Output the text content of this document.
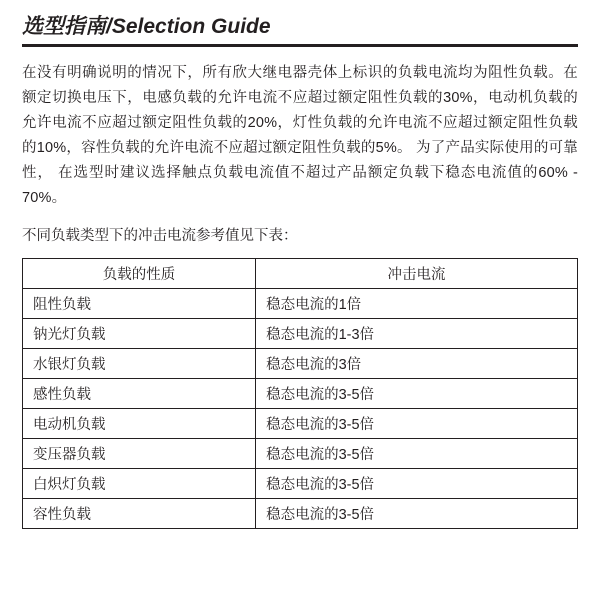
选型指南/Selection Guide
在没有明确说明的情况下，所有欣大继电器壳体上标识的负载电流均为阻性负载。在额定切换电压下，电感负载的允许电流不应超过额定阻性负载的30%，电动机负载的允许电流不应超过额定阻性负载的20%，灯性负载的允许电流不应超过额定阻性负载的10%，容性负载的允许电流不应超过额定阻性负载的5%。 为了产品实际使用的可靠性， 在选型时建议选择触点负载电流值不超过产品额定负载下稳态电流值的60% - 70%。
不同负载类型下的冲击电流参考值见下表：
负载的性质	冲击电流
阻性负载	稳态电流的1倍
钠光灯负载	稳态电流的1-3倍
水银灯负载	稳态电流的3倍
感性负载	稳态电流的3-5倍
电动机负载	稳态电流的3-5倍
变压器负载	稳态电流的3-5倍
白炽灯负载	稳态电流的3-5倍
容性负载	稳态电流的3-5倍
